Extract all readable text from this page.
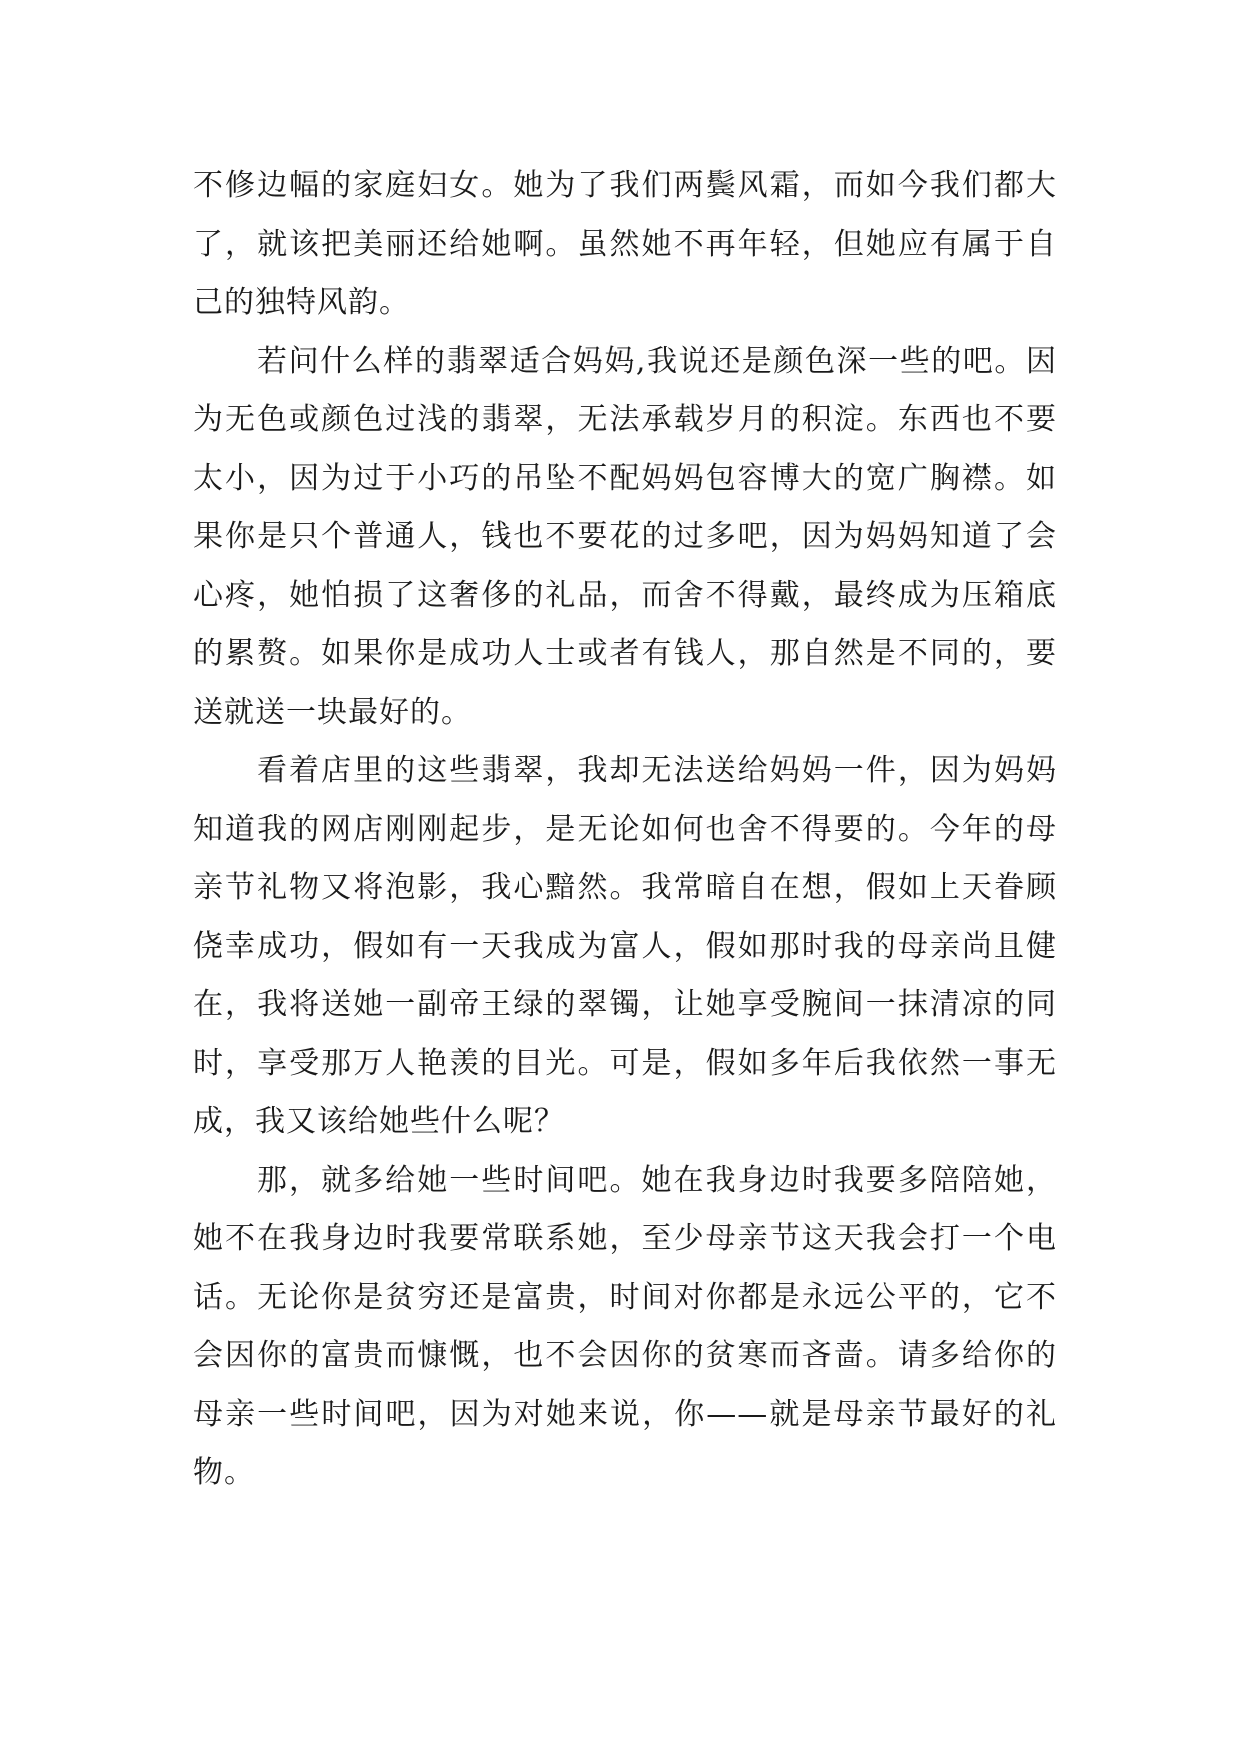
不修边幅的家庭妇女。她为了我们两鬓风霜，而如今我们都大了，就该把美丽还给她啊。虽然她不再年轻，但她应有属于自己的独特风韵。

若问什么样的翡翠适合妈妈,我说还是颜色深一些的吧。因为无色或颜色过浅的翡翠，无法承载岁月的积淀。东西也不要太小，因为过于小巧的吊坠不配妈妈包容博大的宽广胸襟。如果你是只个普通人，钱也不要花的过多吧，因为妈妈知道了会心疼，她怕损了这奢侈的礼品，而舍不得戴，最终成为压箱底的累赘。如果你是成功人士或者有钱人，那自然是不同的，要送就送一块最好的。

看着店里的这些翡翠，我却无法送给妈妈一件，因为妈妈知道我的网店刚刚起步，是无论如何也舍不得要的。今年的母亲节礼物又将泡影，我心黯然。我常暗自在想，假如上天眷顾侥幸成功，假如有一天我成为富人，假如那时我的母亲尚且健在，我将送她一副帝王绿的翠镯，让她享受腕间一抹清凉的同时，享受那万人艳羡的目光。可是，假如多年后我依然一事无成，我又该给她些什么呢？

那，就多给她一些时间吧。她在我身边时我要多陪陪她，她不在我身边时我要常联系她，至少母亲节这天我会打一个电话。无论你是贫穷还是富贵，时间对你都是永远公平的，它不会因你的富贵而慷慨，也不会因你的贫寒而吝啬。请多给你的母亲一些时间吧，因为对她来说，你——就是母亲节最好的礼物。
